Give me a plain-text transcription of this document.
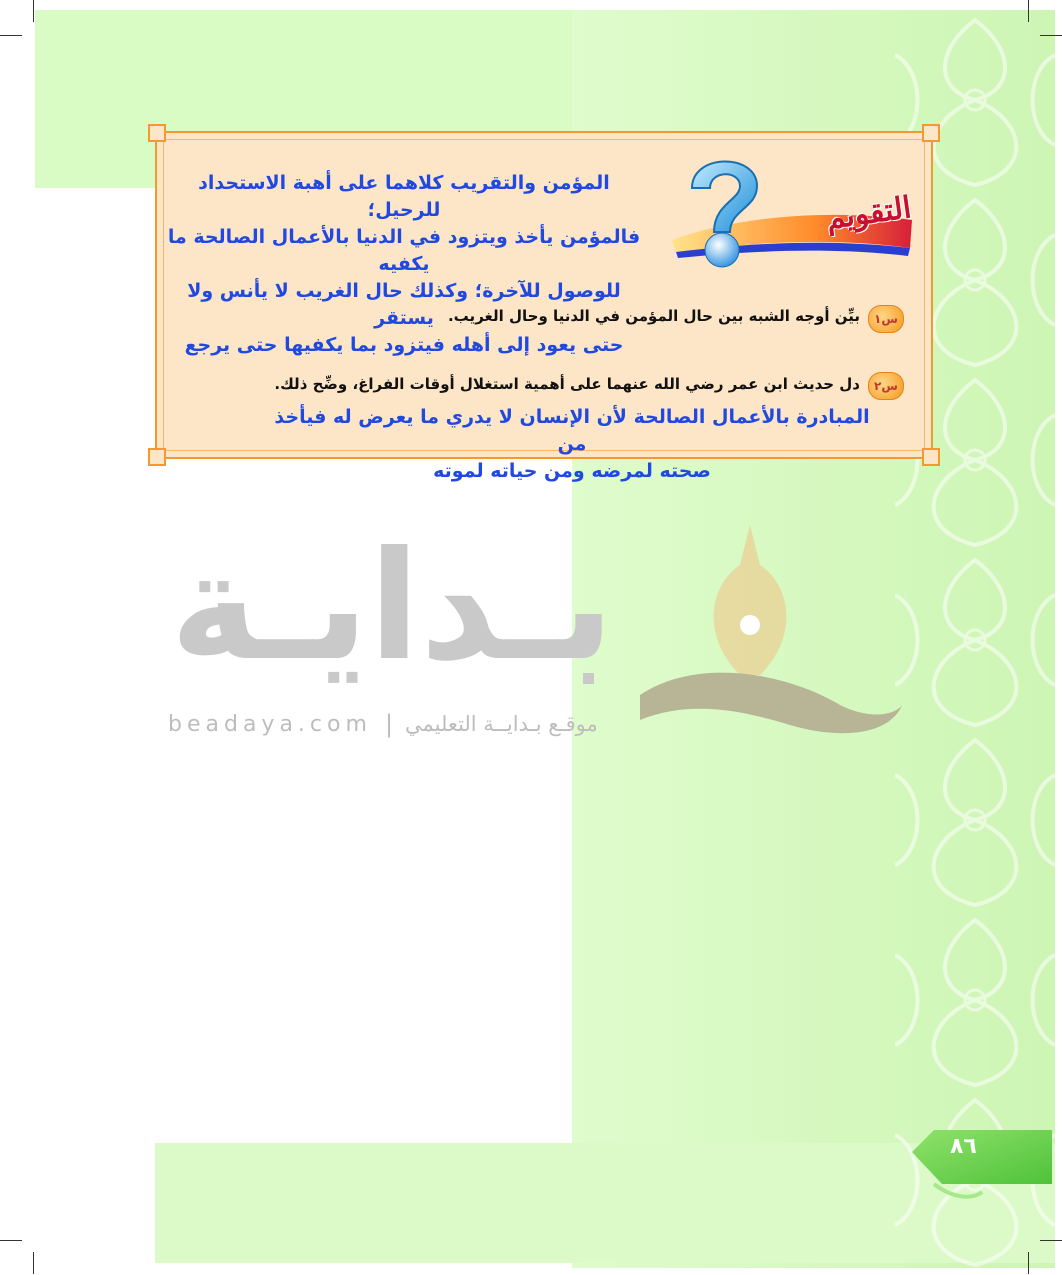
التقويم
المؤمن والتقريب كلاهما على أهبة الاستحداد للرحيل؛
فالمؤمن يأخذ ويتزود في الدنيا بالأعمال الصالحة ما يكفيه
للوصول للآخرة؛ وكذلك حال الغريب لا يأنس ولا يستقر
حتى يعود إلى أهله فيتزود بما يكفيها حتى يرجع
س١
بيِّن أوجه الشبه بين حال المؤمن في الدنيا وحال الغريب.
س٢
دل حديث ابن عمر رضي الله عنهما على أهمية استغلال أوقات الفراغ، وضِّح ذلك.
المبادرة بالأعمال الصالحة لأن الإنسان لا يدري ما يعرض له فيأخذ من
صحته لمرضه ومن حياته لموته
بـدايـة
beadaya.com | موقـع بـدايــة التعليمي
٨٦
